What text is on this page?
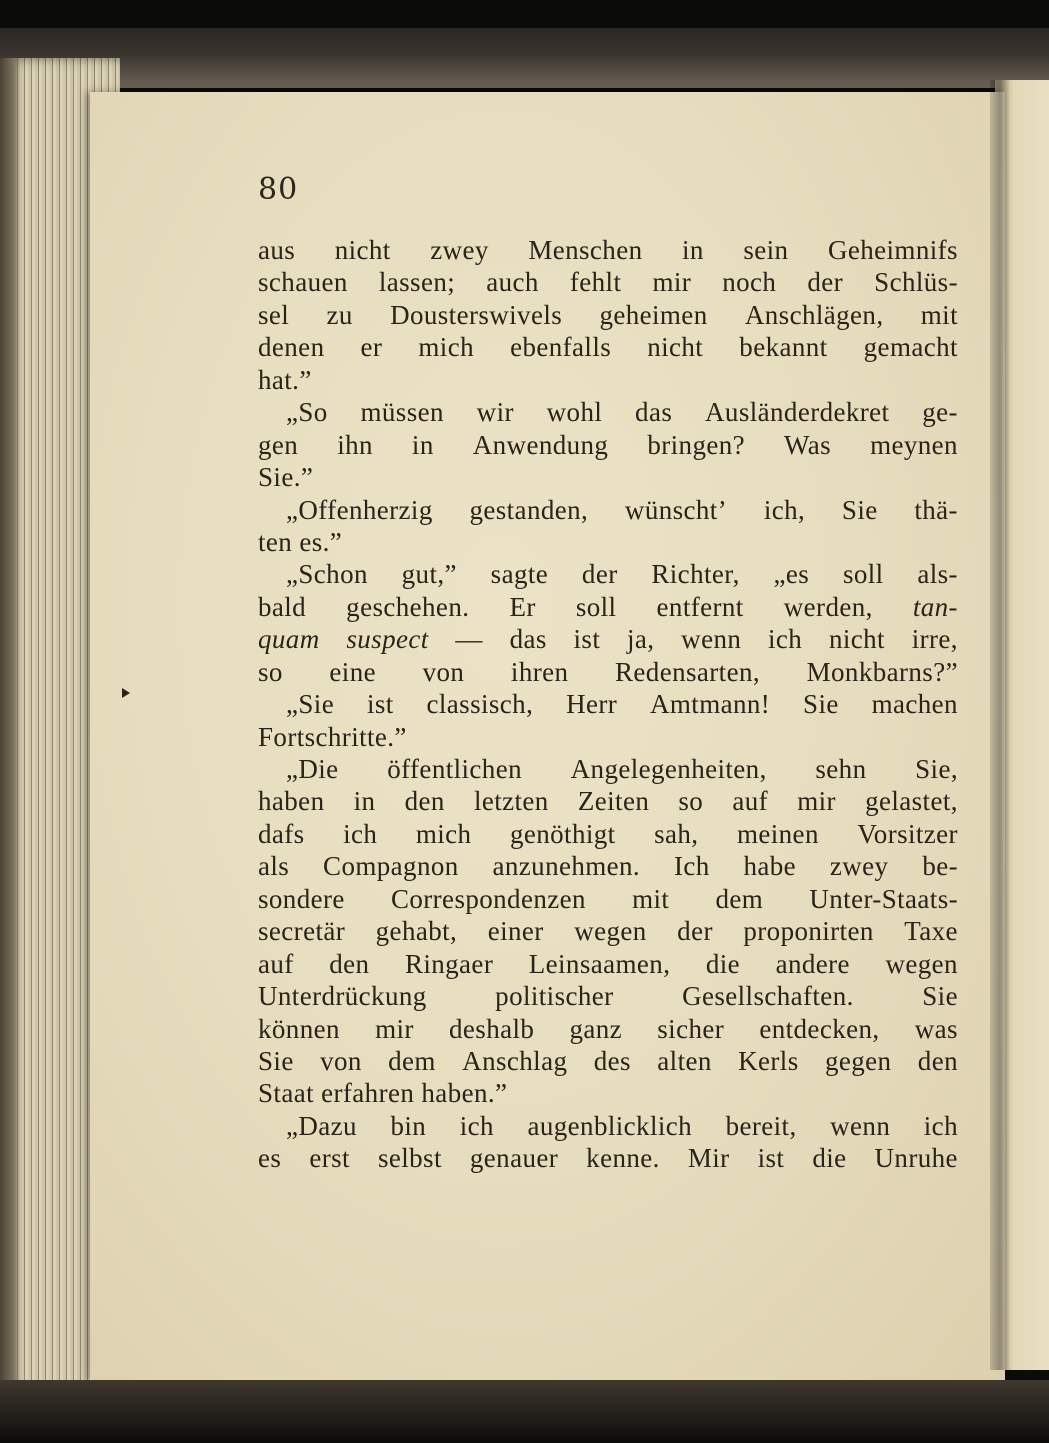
80

aus nicht zwey Menschen in sein Geheimnifs
schauen lassen; auch fehlt mir noch der Schlüs-
sel zu Dousterswivels geheimen Anschlägen, mit
denen er mich ebenfalls nicht bekannt gemacht
hat.”
„So müssen wir wohl das Ausländerdekret ge-
gen ihn in Anwendung bringen? Was meynen
Sie.”
„Offenherzig gestanden, wünscht’ ich, Sie thä-
ten es.”
„Schon gut,” sagte der Richter, „es soll als-
bald geschehen. Er soll entfernt werden, tan-
quam suspect — das ist ja, wenn ich nicht irre,
so eine von ihren Redensarten, Monkbarns?”
„Sie ist classisch, Herr Amtmann! Sie machen
Fortschritte.”
„Die öffentlichen Angelegenheiten, sehn Sie,
haben in den letzten Zeiten so auf mir gelastet,
dafs ich mich genöthigt sah, meinen Vorsitzer
als Compagnon anzunehmen. Ich habe zwey be-
sondere Correspondenzen mit dem Unter-Staats-
secretär gehabt, einer wegen der proponirten Taxe
auf den Ringaer Leinsaamen, die andere wegen
Unterdrückung	politischer	Gesellschaften.	Sie
können mir deshalb ganz sicher entdecken, was
Sie von dem Anschlag des alten Kerls gegen den
Staat erfahren haben.”
„Dazu bin ich augenblicklich bereit, wenn ich
es erst selbst genauer kenne. Mir ist die Unruhe
